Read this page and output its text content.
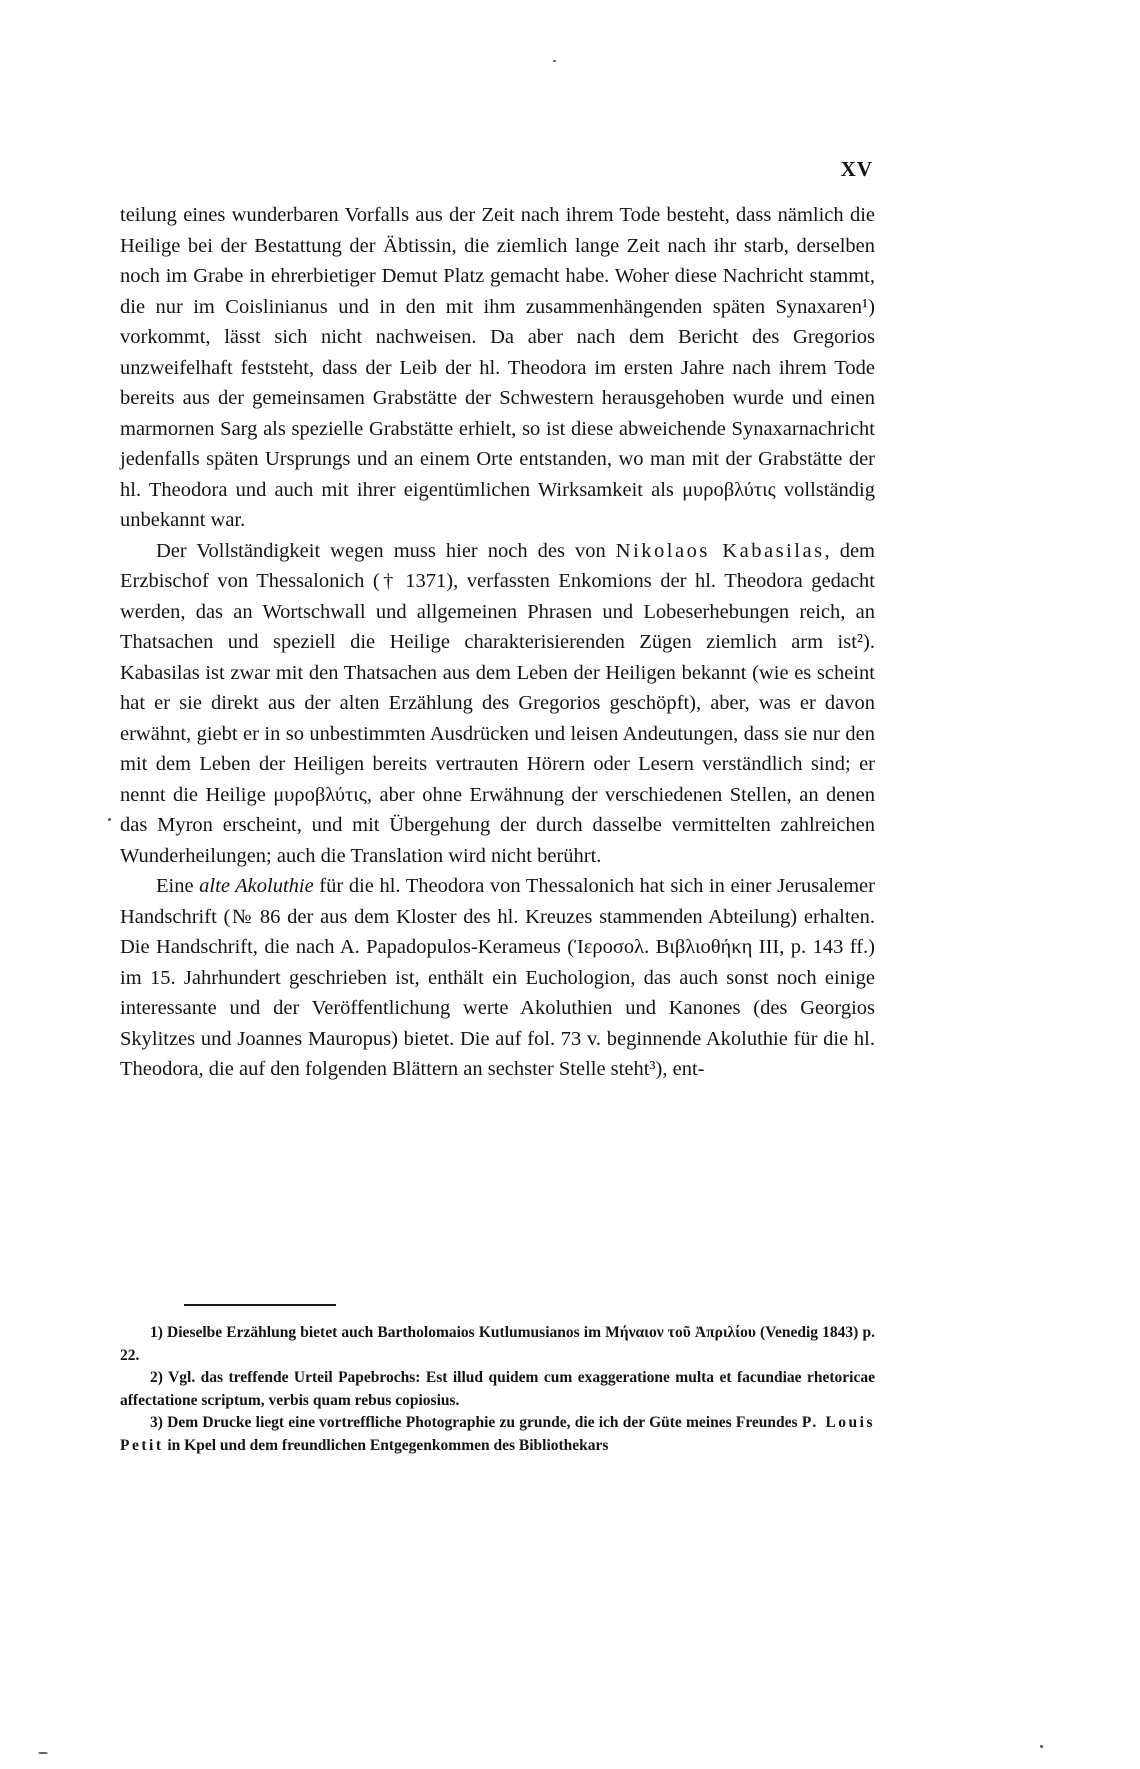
XV

teilung eines wunderbaren Vorfalls aus der Zeit nach ihrem Tode besteht, dass nämlich die Heilige bei der Bestattung der Äbtissin, die ziemlich lange Zeit nach ihr starb, derselben noch im Grabe in ehrerbietiger Demut Platz gemacht habe. Woher diese Nachricht stammt, die nur im Coislinianus und in den mit ihm zusammenhängenden späten Synaxaren¹) vorkommt, lässt sich nicht nachweisen. Da aber nach dem Bericht des Gregorios unzweifelhaft feststeht, dass der Leib der hl. Theodora im ersten Jahre nach ihrem Tode bereits aus der gemeinsamen Grabstätte der Schwestern herausgehoben wurde und einen marmornen Sarg als spezielle Grabstätte erhielt, so ist diese abweichende Synaxarnachricht jedenfalls späten Ursprungs und an einem Orte entstanden, wo man mit der Grabstätte der hl. Theodora und auch mit ihrer eigentümlichen Wirksamkeit als μυροβλύτις vollständig unbekannt war.

Der Vollständigkeit wegen muss hier noch des von Nikolaos Kabasilas, dem Erzbischof von Thessalonich († 1371), verfassten Enkomions der hl. Theodora gedacht werden, das an Wortschwall und allgemeinen Phrasen und Lobeserhebungen reich, an Thatsachen und speziell die Heilige charakterisierenden Zügen ziemlich arm ist²). Kabasilas ist zwar mit den Thatsachen aus dem Leben der Heiligen bekannt (wie es scheint hat er sie direkt aus der alten Erzählung des Gregorios geschöpft), aber, was er davon erwähnt, giebt er in so unbestimmten Ausdrücken und leisen Andeutungen, dass sie nur den mit dem Leben der Heiligen bereits vertrauten Hörern oder Lesern verständlich sind; er nennt die Heilige μυροβλύτις, aber ohne Erwähnung der verschiedenen Stellen, an denen das Myron erscheint, und mit Übergehung der durch dasselbe vermittelten zahlreichen Wunderheilungen; auch die Translation wird nicht berührt.

Eine alte Akoluthie für die hl. Theodora von Thessalonich hat sich in einer Jerusalemer Handschrift (№ 86 der aus dem Kloster des hl. Kreuzes stammenden Abteilung) erhalten. Die Handschrift, die nach A. Papadopulos-Kerameus (Ἱεροσολ. Βιβλιοθήκη III, p. 143 ff.) im 15. Jahrhundert geschrieben ist, enthält ein Euchologion, das auch sonst noch einige interessante und der Veröffentlichung werte Akoluthien und Kanones (des Georgios Skylitzes und Joannes Mauropus) bietet. Die auf fol. 73 v. beginnende Akoluthie für die hl. Theodora, die auf den folgenden Blättern an sechster Stelle steht³), ent-

1) Dieselbe Erzählung bietet auch Bartholomaios Kutlumusianos im Μήναιον τοῦ Ἀπριλίου (Venedig 1843) p. 22.

2) Vgl. das treffende Urteil Papebrochs: Est illud quidem cum exaggeratione multa et facundiae rhetoricae affectatione scriptum, verbis quam rebus copiosius.

3) Dem Drucke liegt eine vortreffliche Photographie zu grunde, die ich der Güte meines Freundes P. Louis Petit in Kpel und dem freundlichen Entgegenkommen des Bibliothekars
